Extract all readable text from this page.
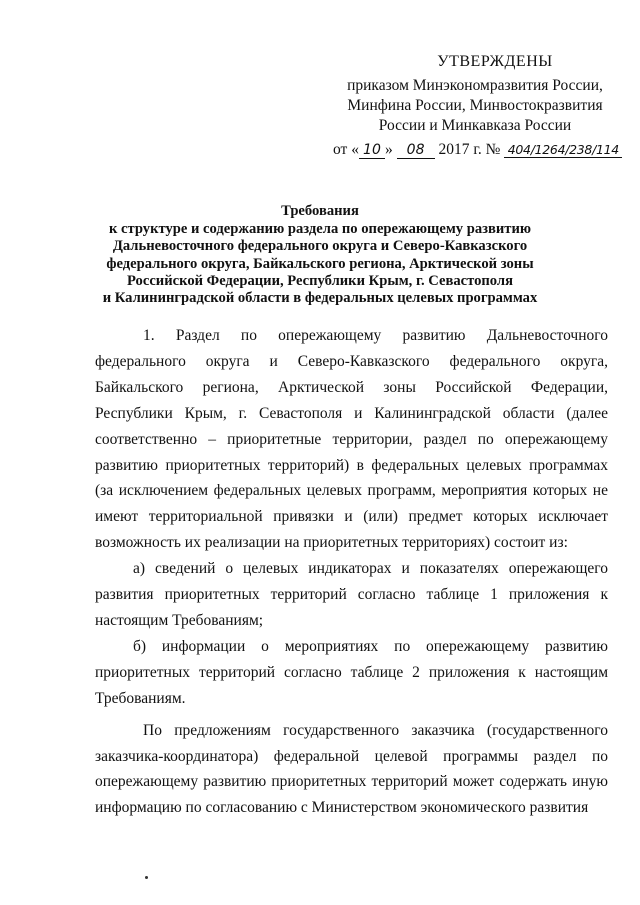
УТВЕРЖДЕНЫ
приказом Минэкономразвития России,
Минфина России, Минвостокразвития
России и Минкавказа России
от « 10 » 08 2017 г. № 404/1264/238/114
Требования
к структуре и содержанию раздела по опережающему развитию
Дальневосточного федерального округа и Северо-Кавказского
федерального округа, Байкальского региона, Арктической зоны
Российской Федерации, Республики Крым, г. Севастополя
и Калининградской области в федеральных целевых программах

1. Раздел по опережающему развитию Дальневосточного федерального округа и Северо-Кавказского федерального округа, Байкальского региона, Арктической зоны Российской Федерации, Республики Крым, г. Севастополя и Калининградской области (далее соответственно – приоритетные территории, раздел по опережающему развитию приоритетных территорий) в федеральных целевых программах (за исключением федеральных целевых программ, мероприятия которых не имеют территориальной привязки и (или) предмет которых исключает возможность их реализации на приоритетных территориях) состоит из:

а) сведений о целевых индикаторах и показателях опережающего развития приоритетных территорий согласно таблице 1 приложения к настоящим Требованиям;

б) информации о мероприятиях по опережающему развитию приоритетных территорий согласно таблице 2 приложения к настоящим Требованиям.

По предложениям государственного заказчика (государственного заказчика-координатора) федеральной целевой программы раздел по опережающему развитию приоритетных территорий может содержать иную информацию по согласованию с Министерством экономического развития
